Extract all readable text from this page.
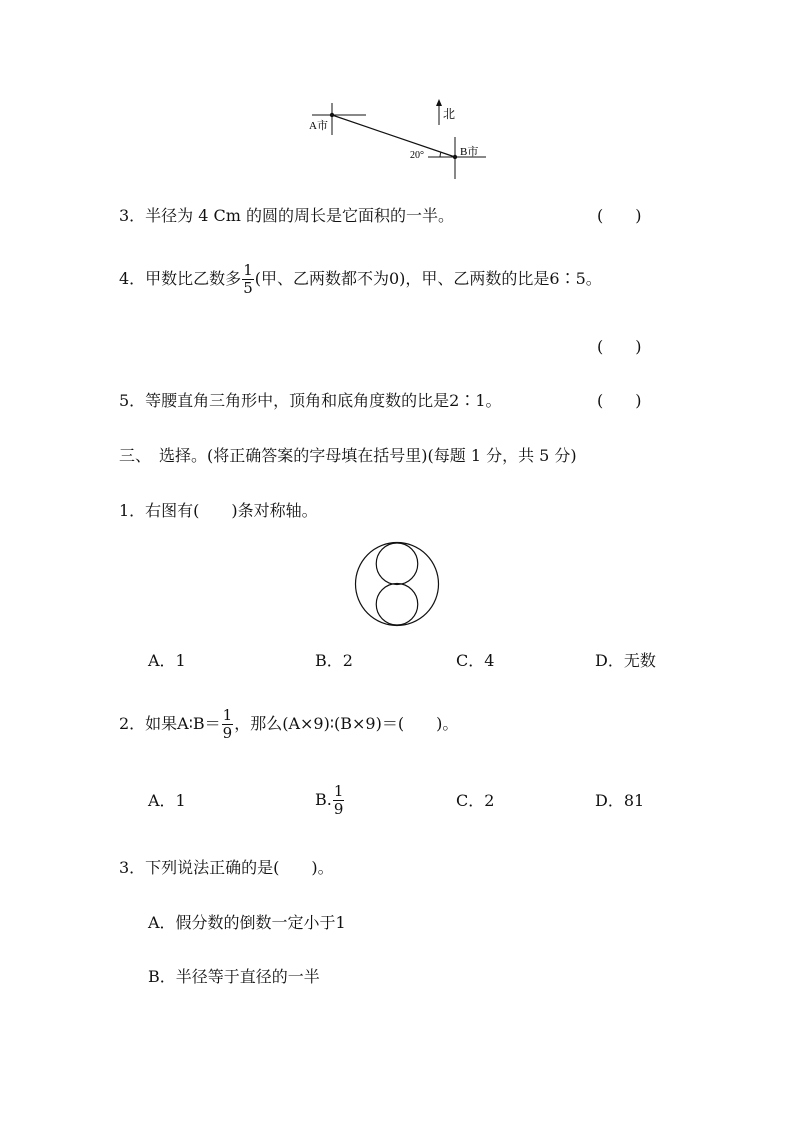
A市
北
20°	B市
3．半径为 4 Cm 的圆的周长是它面积的一半。	(　　)
4．甲数比乙数多 $\frac{1}{5}$ (甲、乙两数都不为0)，甲、乙两数的比是6∶5。
(　　)
5．等腰直角三角形中，顶角和底角度数的比是2∶1。	(　　)
三、　选择。(将正确答案的字母填在括号里)(每题 1 分，共 5 分)
1．右图有(　　)条对称轴。
A．1	B．2	C．4	D．无数
2．如果A∶B＝ $\frac{1}{9}$ ，那么(A×9)∶(B×9)＝(　　)。
A．1	B. $\frac{1}{9}$	C．2	D．81
3．下列说法正确的是(　　)。
A．假分数的倒数一定小于1
B．半径等于直径的一半
